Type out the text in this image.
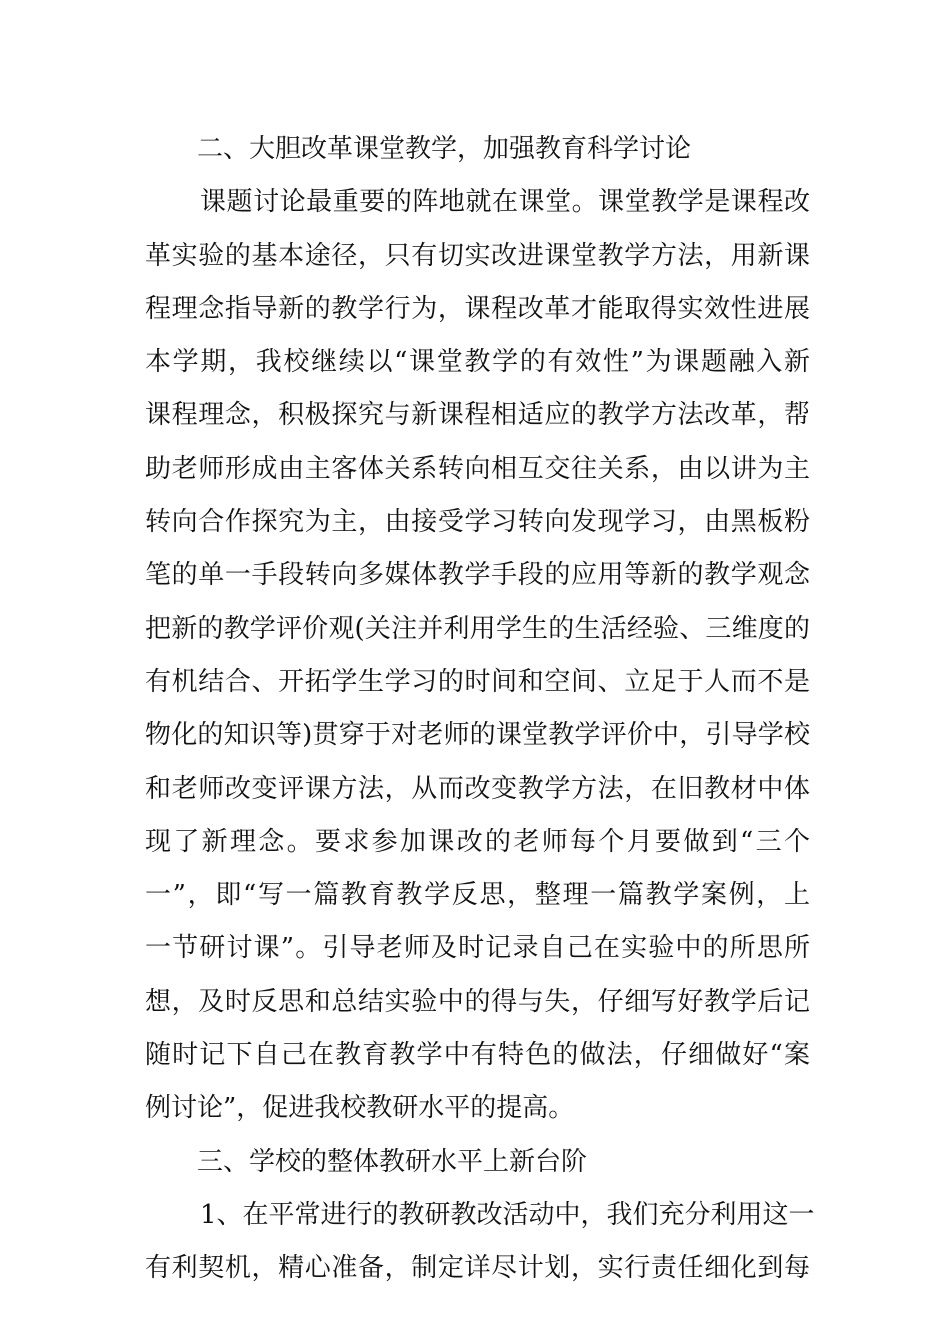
二、大胆改革课堂教学，加强教育科学讨论
课题讨论最重要的阵地就在课堂。课堂教学是课程改
革实验的基本途径，只有切实改进课堂教学方法，用新课
程理念指导新的教学行为，课程改革才能取得实效性进展
本学期，我校继续以“课堂教学的有效性”为课题融入新
课程理念，积极探究与新课程相适应的教学方法改革，帮
助老师形成由主客体关系转向相互交往关系，由以讲为主
转向合作探究为主，由接受学习转向发现学习，由黑板粉
笔的单一手段转向多媒体教学手段的应用等新的教学观念
把新的教学评价观(关注并利用学生的生活经验、三维度的
有机结合、开拓学生学习的时间和空间、立足于人而不是
物化的知识等)贯穿于对老师的课堂教学评价中，引导学校
和老师改变评课方法，从而改变教学方法，在旧教材中体
现了新理念。要求参加课改的老师每个月要做到“三个
一”，即“写一篇教育教学反思，整理一篇教学案例，上
一节研讨课”。引导老师及时记录自己在实验中的所思所
想，及时反思和总结实验中的得与失，仔细写好教学后记
随时记下自己在教育教学中有特色的做法，仔细做好“案
例讨论”，促进我校教研水平的提高。
三、学校的整体教研水平上新台阶
1、在平常进行的教研教改活动中，我们充分利用这一
有利契机，精心准备，制定详尽计划，实行责任细化到每
